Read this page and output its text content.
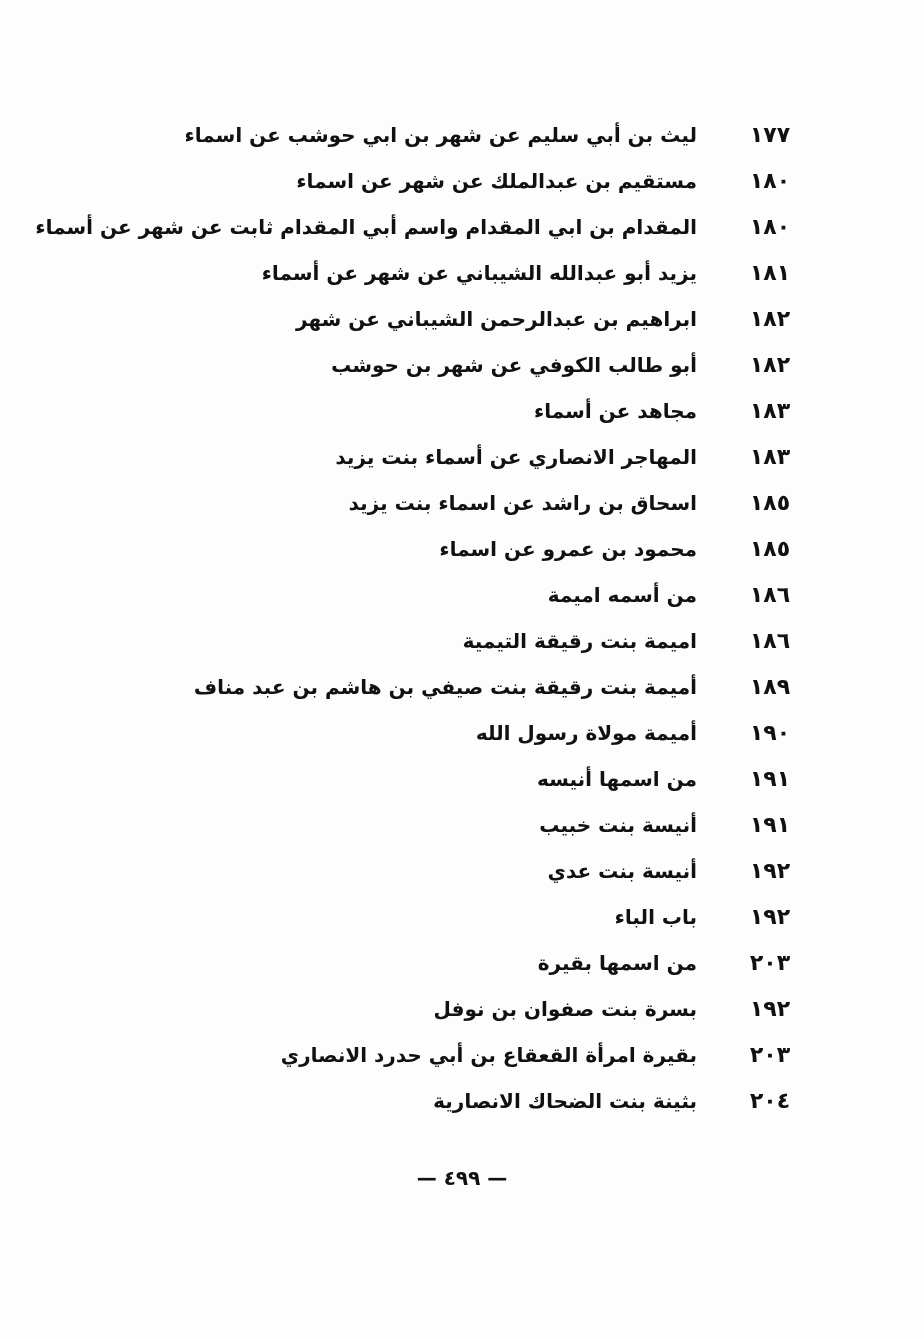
١٧٧
ليث بن أبي سليم عن شهر بن ابي حوشب عن اسماء
١٨٠
مستقيم بن عبدالملك عن شهر عن اسماء
١٨٠
المقدام بن ابي المقدام واسم أبي المقدام ثابت عن شهر عن أسماء
١٨١
يزيد أبو عبدالله الشيباني عن شهر عن أسماء
١٨٢
ابراهيم بن عبدالرحمن الشيباني عن شهر
١٨٢
أبو طالب الكوفي عن شهر بن حوشب
١٨٣
مجاهد عن أسماء
١٨٣
المهاجر الانصاري عن أسماء بنت يزيد
١٨٥
اسحاق بن راشد عن اسماء بنت يزيد
١٨٥
محمود بن عمرو عن اسماء
١٨٦
من أسمه اميمة
١٨٦
اميمة بنت رقيقة التيمية
١٨٩
أميمة بنت رقيقة بنت صيفي بن هاشم بن عبد مناف
١٩٠
أميمة مولاة رسول الله
١٩١
من اسمها أنيسه
١٩١
أنيسة بنت خبيب
١٩٢
أنيسة بنت عدي
١٩٢
باب الباء
٢٠٣
من اسمها بقيرة
١٩٢
بسرة بنت صفوان بن نوفل
٢٠٣
بقيرة امرأة القعقاع بن أبي حدرد الانصاري
٢٠٤
بثينة بنت الضحاك الانصارية
— ٤٩٩ —
